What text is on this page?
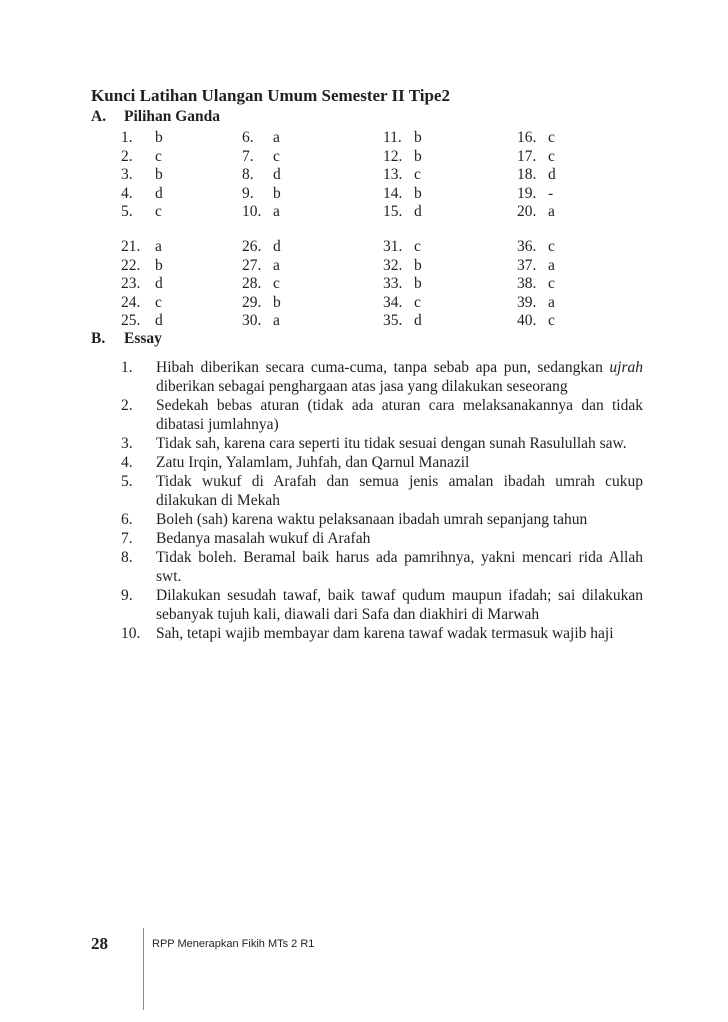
Kunci Latihan Ulangan Umum Semester II Tipe2
A. Pilihan Ganda
1. b	6. a	11. b	16. c
2. c	7. c	12. b	17. c
3. b	8. d	13. c	18. d
4. d	9. b	14. b	19. -
5. c	10. a	15. d	20. a
21. a	26. d	31. c	36. c
22. b	27. a	32. b	37. a
23. d	28. c	33. b	38. c
24. c	29. b	34. c	39. a
25. d	30. a	35. d	40. c
B. Essay
1. Hibah diberikan secara cuma-cuma, tanpa sebab apa pun, sedangkan ujrah diberikan sebagai penghargaan atas jasa yang dilakukan seseorang
2. Sedekah bebas aturan (tidak ada aturan cara melaksanakannya dan tidak dibatasi jumlahnya)
3. Tidak sah, karena cara seperti itu tidak sesuai dengan sunah Rasulullah saw.
4. Zatu Irqin, Yalamlam, Juhfah, dan Qarnul Manazil
5. Tidak wukuf di Arafah dan semua jenis amalan ibadah umrah cukup dilakukan di Mekah
6. Boleh (sah) karena waktu pelaksanaan ibadah umrah sepanjang tahun
7. Bedanya masalah wukuf di Arafah
8. Tidak boleh. Beramal baik harus ada pamrihnya, yakni mencari rida Allah swt.
9. Dilakukan sesudah tawaf, baik tawaf qudum maupun ifadah; sai dilakukan sebanyak tujuh kali, diawali dari Safa dan diakhiri di Marwah
10. Sah, tetapi wajib membayar dam karena tawaf wadak termasuk wajib haji
28	RPP Menerapkan Fikih MTs 2 R1
